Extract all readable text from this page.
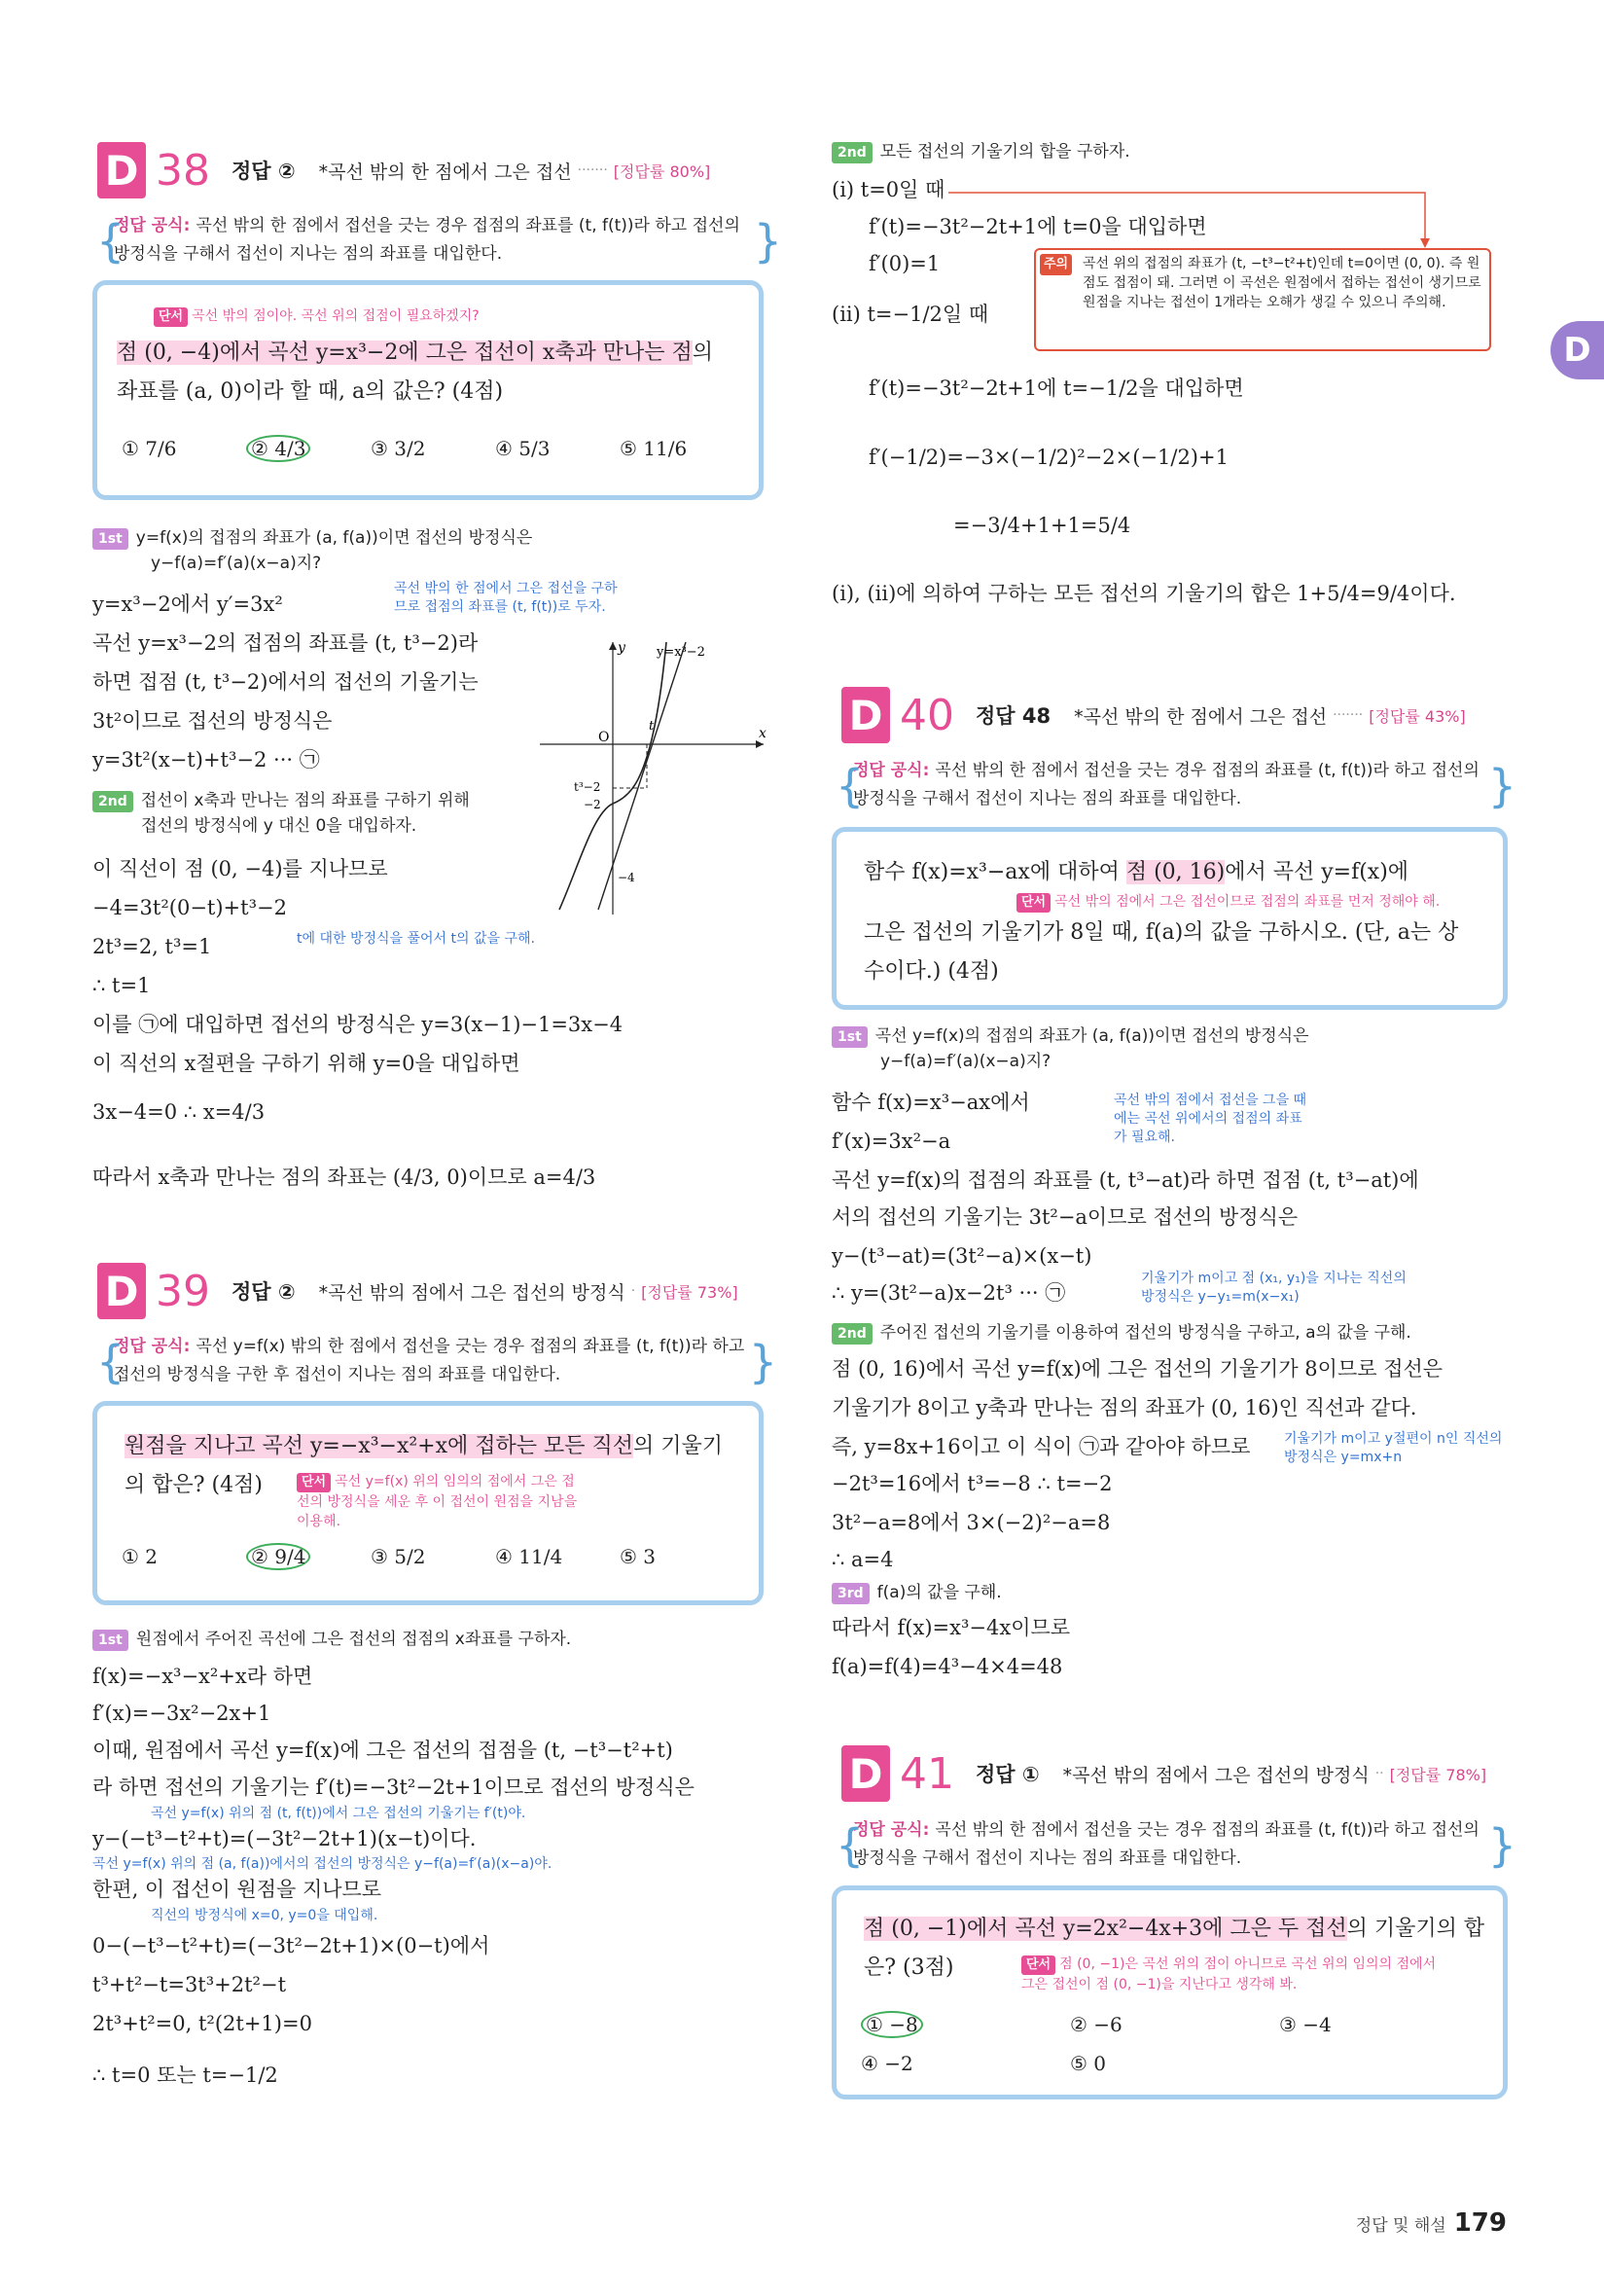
D
D 38 정답 ② *곡선 밖의 한 점에서 그은 접선 ······· [정답률 80%]
{
정답 공식: 곡선 밖의 한 점에서 접선을 긋는 경우 접점의 좌표를 (t, f(t))라 하고 접선의 방정식을 구해서 접선이 지나는 점의 좌표를 대입한다.	}
단서 곡선 밖의 점이야. 곡선 위의 접점이 필요하겠지?
점 (0, −4)에서 곡선 y=x³−2에 그은 접선이 x축과 만나는 점의 좌표를 (a, 0)이라 할 때, a의 값은? (4점)
① 7/6	② 4/3	③ 3/2	④ 5/3	⑤ 11/6
1st y=f(x)의 접점의 좌표가 (a, f(a))이면 접선의 방정식은
y−f(a)=f′(a)(x−a)지?
y=x³−2에서 y′=3x²
곡선 밖의 한 점에서 그은 접선을 구하므로 접점의 좌표를 (t, f(t))로 두자.
곡선 y=x³−2의 접점의 좌표를 (t, t³−2)라
하면 접점 (t, t³−2)에서의 접선의 기울기는
3t²이므로 접선의 방정식은
y=3t²(x−t)+t³−2 ··· ㉠
2nd 접선이 x축과 만나는 점의 좌표를 구하기 위해
접선의 방정식에 y 대신 0을 대입하자.
이 직선이 점 (0, −4)를 지나므로
−4=3t²(0−t)+t³−2
2t³=2, t³=1	t에 대한 방정식을 풀어서 t의 값을 구해.
∴ t=1
이를 ㉠에 대입하면 접선의 방정식은 y=3(x−1)−1=3x−4
이 직선의 x절편을 구하기 위해 y=0을 대입하면
3x−4=0 ∴ x=4/3
따라서 x축과 만나는 점의 좌표는 (4/3, 0)이므로 a=4/3
y
x
O
t
y=x³−2
t³−2
−2
−4
D 39 정답 ② *곡선 밖의 점에서 그은 접선의 방정식 · [정답률 73%]
{
정답 공식: 곡선 y=f(x) 밖의 한 점에서 접선을 긋는 경우 접점의 좌표를 (t, f(t))라 하고 접선의 방정식을 구한 후 접선이 지나는 점의 좌표를 대입한다.	}
원점을 지나고 곡선 y=−x³−x²+x에 접하는 모든 직선의 기울기의 합은? (4점)	단서 곡선 y=f(x) 위의 임의의 점에서 그은 접선의 방정식을 세운 후 이 접선이 원점을 지남을 이용해.
① 2	② 9/4	③ 5/2	④ 11/4	⑤ 3
1st 원점에서 주어진 곡선에 그은 접선의 접점의 x좌표를 구하자.
f(x)=−x³−x²+x라 하면
f′(x)=−3x²−2x+1
이때, 원점에서 곡선 y=f(x)에 그은 접선의 접점을 (t, −t³−t²+t)
라 하면 접선의 기울기는 f′(t)=−3t²−2t+1이므로 접선의 방정식은
곡선 y=f(x) 위의 점 (t, f(t))에서 그은 접선의 기울기는 f′(t)야.
y−(−t³−t²+t)=(−3t²−2t+1)(x−t)이다.
곡선 y=f(x) 위의 점 (a, f(a))에서의 접선의 방정식은 y−f(a)=f′(a)(x−a)야.
한편, 이 접선이 원점을 지나므로
직선의 방정식에 x=0, y=0을 대입해.
0−(−t³−t²+t)=(−3t²−2t+1)×(0−t)에서
t³+t²−t=3t³+2t²−t
2t³+t²=0, t²(2t+1)=0
∴ t=0 또는 t=−1/2
2nd 모든 접선의 기울기의 합을 구하자.
(i) t=0일 때
f′(t)=−3t²−2t+1에 t=0을 대입하면
f′(0)=1	주의 곡선 위의 접점의 좌표가 (t, −t³−t²+t)인데 t=0이면 (0, 0). 즉 원점도 접점이 돼. 그러면 이 곡선은 원점에서 접하는 접선이 생기므로 원점을 지나는 접선이 1개라는 오해가 생길 수 있으니 주의해.
(ii) t=−1/2일 때
f′(t)=−3t²−2t+1에 t=−1/2을 대입하면
f′(−1/2)=−3×(−1/2)²−2×(−1/2)+1
=−3/4+1+1=5/4
(i), (ii)에 의하여 구하는 모든 접선의 기울기의 합은 1+5/4=9/4이다.
D 40 정답 48 *곡선 밖의 한 점에서 그은 접선 ······· [정답률 43%]
{
정답 공식: 곡선 밖의 한 점에서 접선을 긋는 경우 접점의 좌표를 (t, f(t))라 하고 접선의 방정식을 구해서 접선이 지나는 점의 좌표를 대입한다.	}
함수 f(x)=x³−ax에 대하여 점 (0, 16)에서 곡선 y=f(x)에
단서 곡선 밖의 점에서 그은 접선이므로 접점의 좌표를 먼저 정해야 해.
그은 접선의 기울기가 8일 때, f(a)의 값을 구하시오. (단, a는 상수이다.) (4점)
1st 곡선 y=f(x)의 접점의 좌표가 (a, f(a))이면 접선의 방정식은
y−f(a)=f′(a)(x−a)지?
함수 f(x)=x³−ax에서	곡선 밖의 점에서 접선을 그을 때에는 곡선 위에서의 접점의 좌표가 필요해.
f′(x)=3x²−a
곡선 y=f(x)의 접점의 좌표를 (t, t³−at)라 하면 접점 (t, t³−at)에
서의 접선의 기울기는 3t²−a이므로 접선의 방정식은
y−(t³−at)=(3t²−a)×(x−t)
기울기가 m이고 점 (x₁, y₁)을 지나는 직선의 방정식은 y−y₁=m(x−x₁)
∴ y=(3t²−a)x−2t³ ··· ㉠
2nd 주어진 접선의 기울기를 이용하여 접선의 방정식을 구하고, a의 값을 구해.
점 (0, 16)에서 곡선 y=f(x)에 그은 접선의 기울기가 8이므로 접선은
기울기가 8이고 y축과 만나는 점의 좌표가 (0, 16)인 직선과 같다.
즉, y=8x+16이고 이 식이 ㉠과 같아야 하므로 기울기가 m이고 y절편이 n인 직선의 방정식은 y=mx+n
−2t³=16에서 t³=−8 ∴ t=−2
3t²−a=8에서 3×(−2)²−a=8
∴ a=4
3rd f(a)의 값을 구해.
따라서 f(x)=x³−4x이므로
f(a)=f(4)=4³−4×4=48
D 41 정답 ① *곡선 밖의 점에서 그은 접선의 방정식 ·· [정답률 78%]
{
정답 공식: 곡선 밖의 한 점에서 접선을 긋는 경우 접점의 좌표를 (t, f(t))라 하고 접선의 방정식을 구해서 접선이 지나는 점의 좌표를 대입한다.	}
점 (0, −1)에서 곡선 y=2x²−4x+3에 그은 두 접선의 기울기의 합은? (3점)	단서 점 (0, −1)은 곡선 위의 점이 아니므로 곡선 위의 임의의 점에서 그은 접선이 점 (0, −1)을 지난다고 생각해 봐.
① −8	② −6	③ −4
④ −2	⑤ 0
정답 및 해설 179
